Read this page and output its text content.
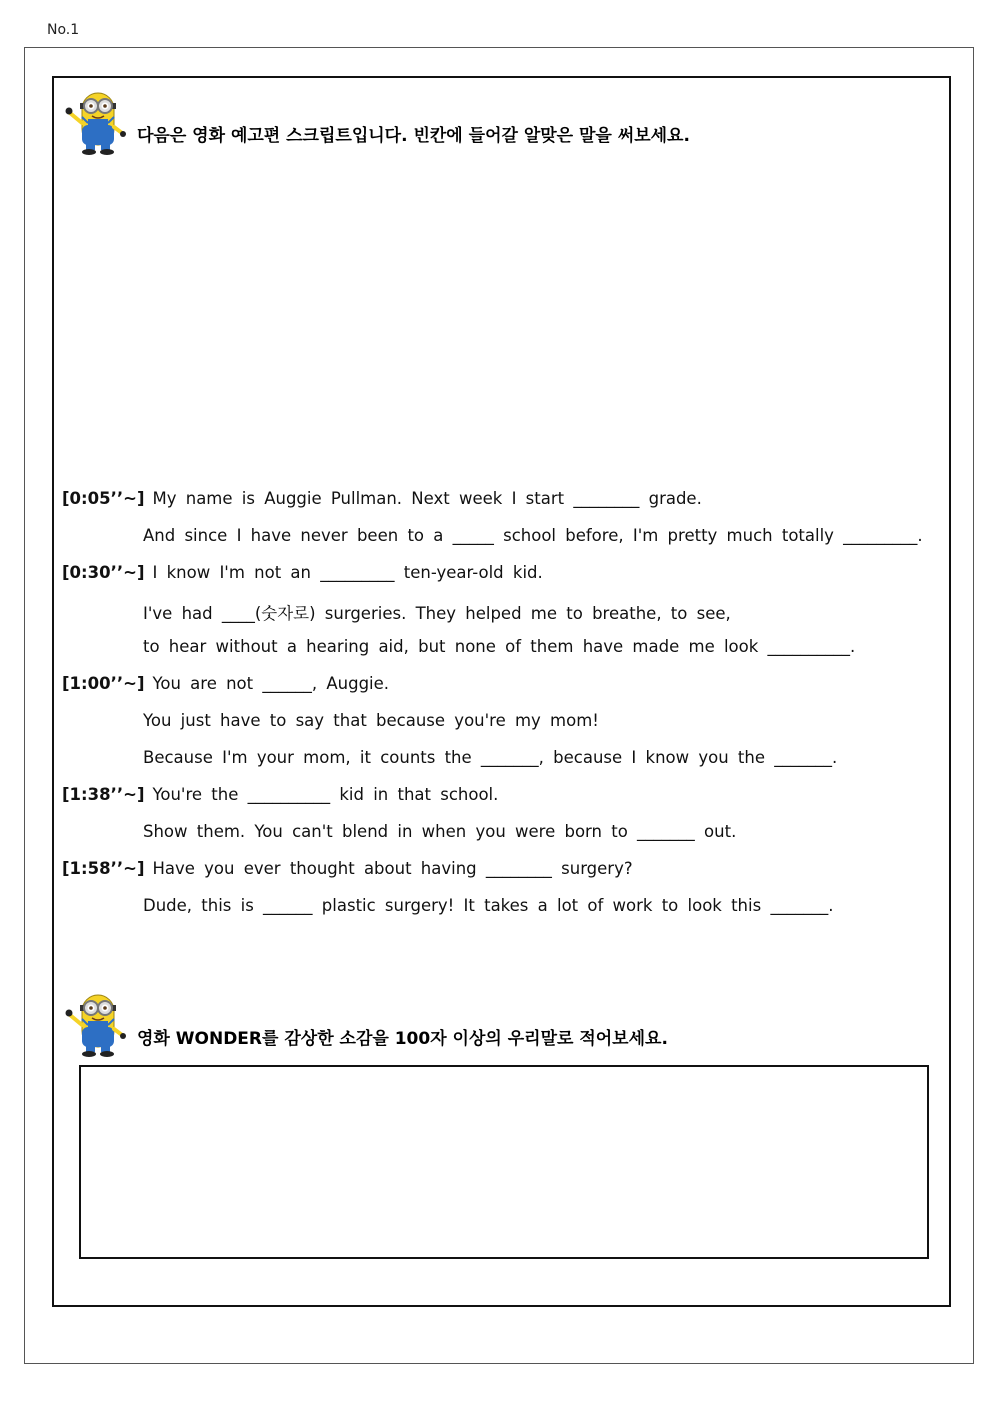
No.1
다음은 영화 예고편 스크립트입니다. 빈칸에 들어갈 알맞은 말을 써보세요.
[0:05’’~] My name is Auggie Pullman. Next week I start ________ grade.
And since I have never been to a _____ school before, I'm pretty much totally _________.
[0:30’’~] I know I'm not an _________ ten-year-old kid.
I've had ____(숫자로) surgeries. They helped me to breathe, to see,
to hear without a hearing aid, but none of them have made me look __________.
[1:00’’~] You are not ______, Auggie.
You just have to say that because you're my mom!
Because I'm your mom, it counts the _______, because I know you the _______.
[1:38’’~] You're the __________ kid in that school.
Show them. You can't blend in when you were born to _______ out.
[1:58’’~] Have you ever thought about having ________ surgery?
Dude, this is ______ plastic surgery! It takes a lot of work to look this _______.
영화 WONDER를 감상한 소감을 100자 이상의 우리말로 적어보세요.
